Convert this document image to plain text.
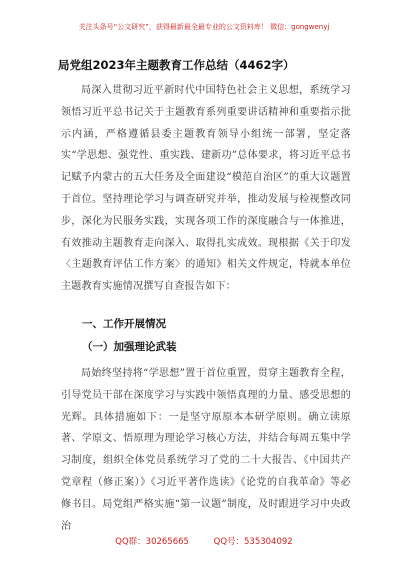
关注头条号“公文研究”，获得最新最全最专业的公文资料库！ 微信：gongwenyj
局党组2023年主题教育工作总结（4462字）

局深入贯彻习近平新时代中国特色社会主义思想，系统学习领悟习近平总书记关于主题教育系列重要讲话精神和重要指示批示内涵，严格遵循县委主题教育领导小组统一部署，坚定落实“学思想、强党性、重实践、建新功”总体要求，将习近平总书记赋予内蒙古的五大任务及全面建设“模范自治区”的重大议题置于首位。坚持理论学习与调查研究并举，推动发展与检视整改同步，深化为民服务实践，实现各项工作的深度融合与一体推进，有效推动主题教育走向深入、取得扎实成效。现根据《关于印发〈主题教育评估工作方案〉的通知》相关文件规定，特就本单位主题教育实施情况撰写自查报告如下：

一、工作开展情况
（一）加强理论武装

局始终坚持将“学思想”置于首位重置，贯穿主题教育全程，引导党员干部在深度学习与实践中领悟真理的力量、感受思想的光辉。具体措施如下：一是坚守原原本本研学原则。确立读原著、学原文、悟原理为理论学习核心方法，并结合每周五集中学习制度，组织全体党员系统学习了党的二十大报告、《中国共产党章程（修正案）》《习近平著作选读》《论党的自我革命》等必修书目。局党组严格实施“第一议题”制度，及时跟进学习中央政治

QQ群：30265665	QQ号：535304092
